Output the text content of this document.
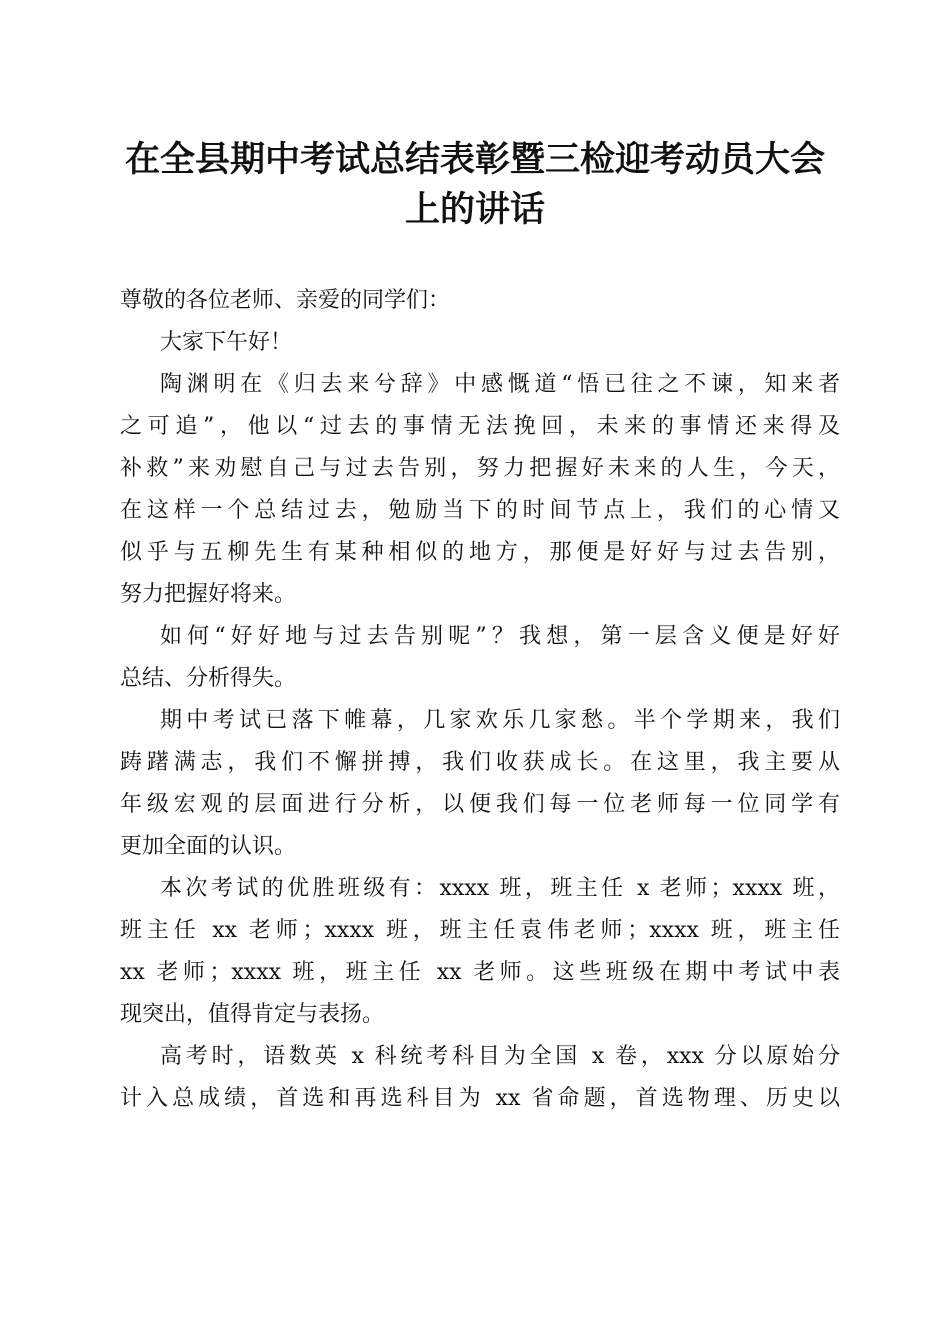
在全县期中考试总结表彰暨三检迎考动员大会
上的讲话

尊敬的各位老师、亲爱的同学们：

大家下午好！

陶渊明在《归去来兮辞》中感慨道“悟已往之不谏，知来者
之可追”，他以“过去的事情无法挽回，未来的事情还来得及
补救”来劝慰自己与过去告别，努力把握好未来的人生，今天，
在这样一个总结过去，勉励当下的时间节点上，我们的心情又
似乎与五柳先生有某种相似的地方，那便是好好与过去告别，
努力把握好将来。

如何“好好地与过去告别呢”？我想，第一层含义便是好好
总结、分析得失。

期中考试已落下帷幕，几家欢乐几家愁。半个学期来，我们
踌躇满志，我们不懈拼搏，我们收获成长。在这里，我主要从
年级宏观的层面进行分析，以便我们每一位老师每一位同学有
更加全面的认识。

本次考试的优胜班级有：xxxx 班，班主任 x 老师；xxxx 班，
班主任 xx 老师；xxxx 班，班主任袁伟老师；xxxx 班，班主任
xx 老师；xxxx 班，班主任 xx 老师。这些班级在期中考试中表
现突出，值得肯定与表扬。

高考时，语数英 x 科统考科目为全国 x 卷，xxx 分以原始分
计入总成绩，首选和再选科目为 xx 省命题，首选物理、历史以
